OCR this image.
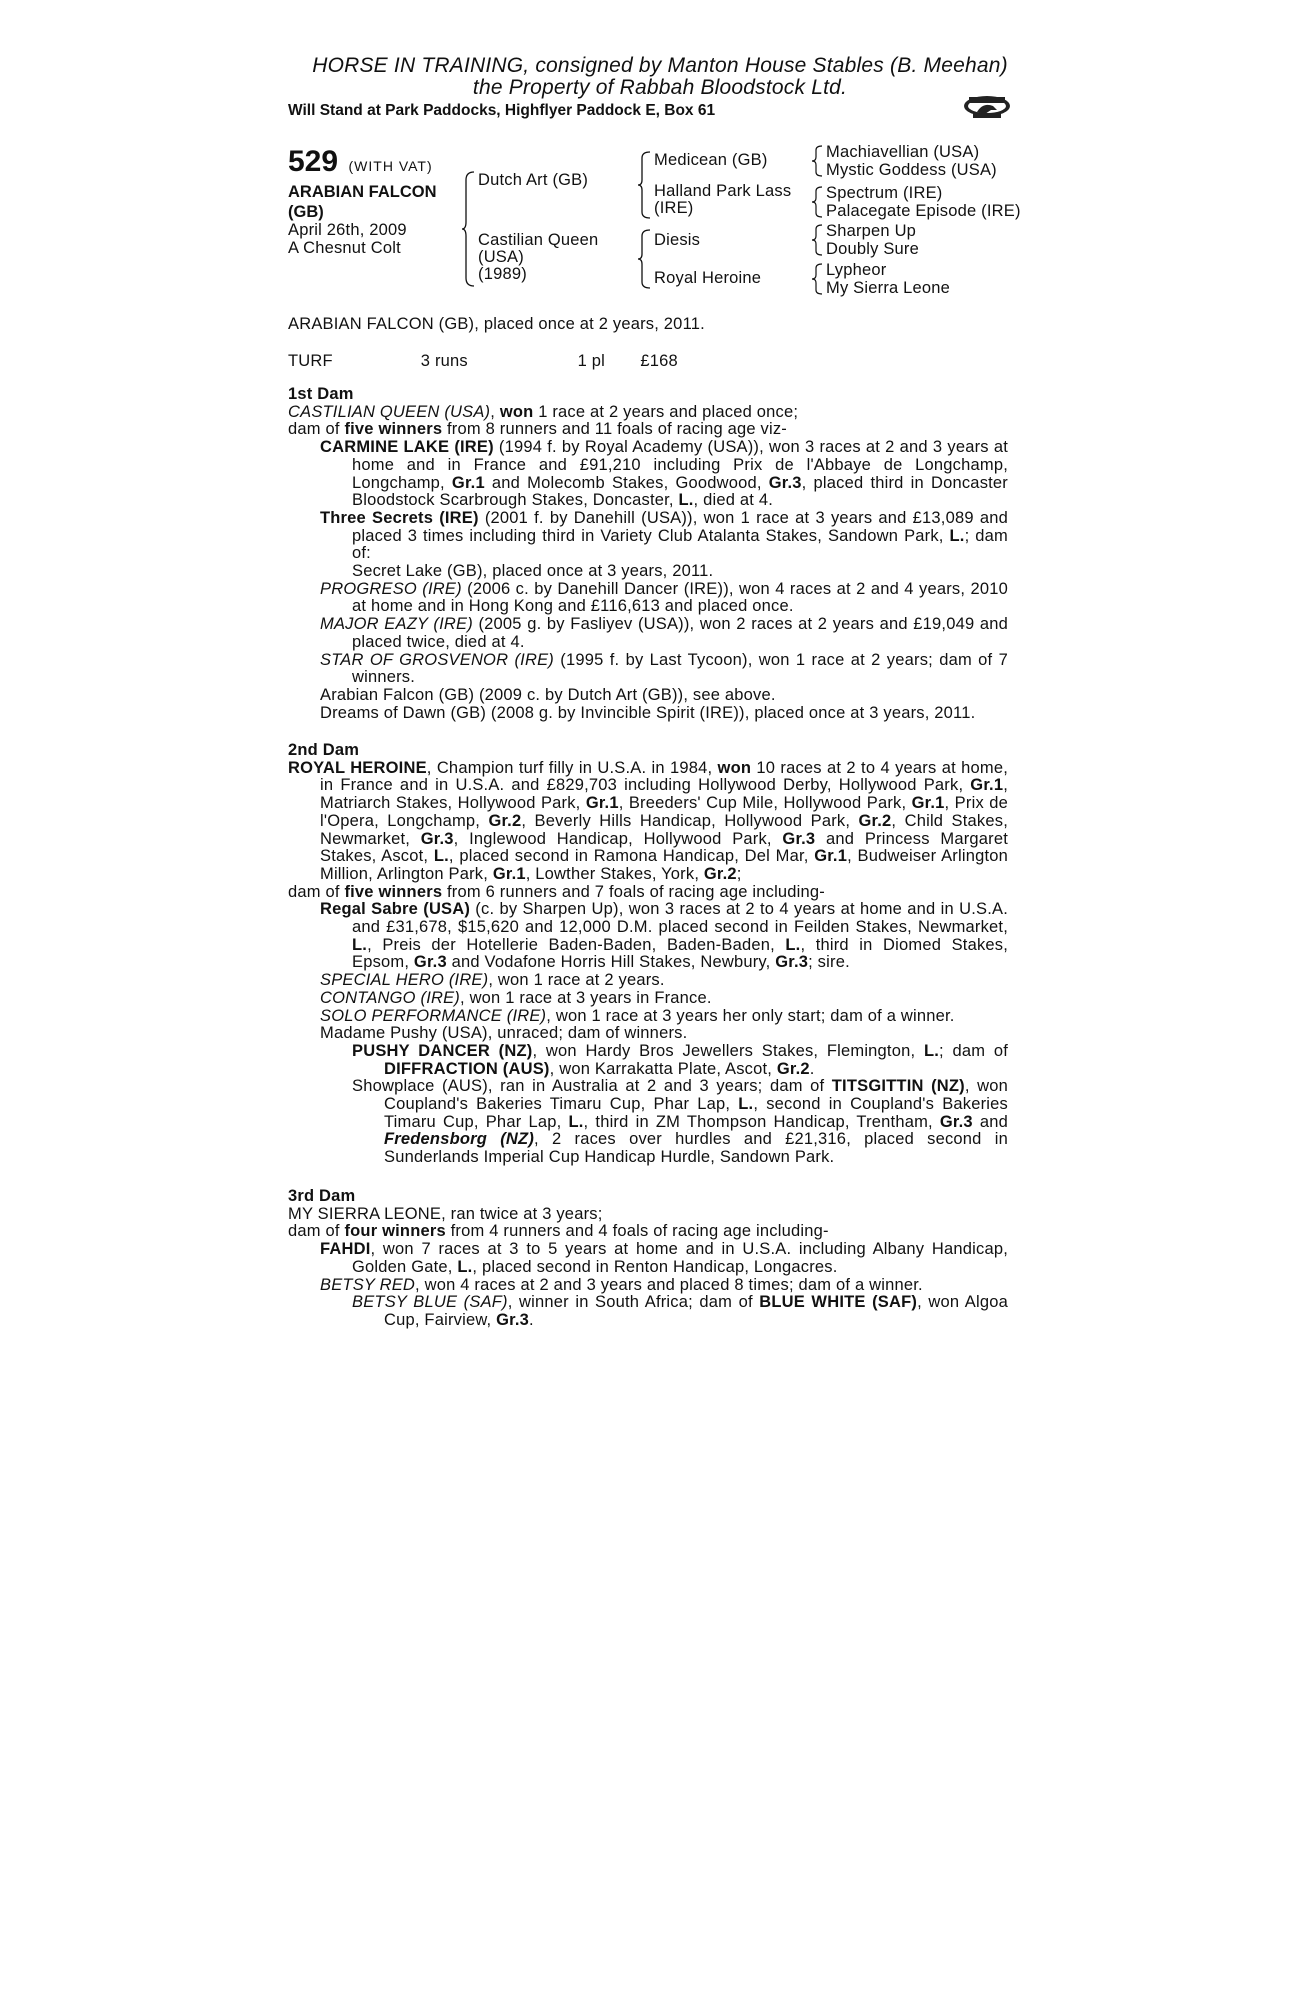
HORSE IN TRAINING, consigned by Manton House Stables (B. Meehan)
the Property of Rabbah Bloodstock Ltd.
Will Stand at Park Paddocks, Highflyer Paddock E, Box 61
529 (WITH VAT)
ARABIAN FALCON
(GB)
April 26th, 2009
A Chesnut Colt
Dutch Art (GB)
Castilian Queen
(USA)
(1989)
Medicean (GB)
Halland Park Lass
(IRE)
Diesis
Royal Heroine
Machiavellian (USA)
Mystic Goddess (USA)
Spectrum (IRE)
Palacegate Episode (IRE)
Sharpen Up
Doubly Sure
Lypheor
My Sierra Leone
ARABIAN FALCON (GB), placed once at 2 years, 2011.
TURF	3 runs	1 pl £168

1st Dam

CASTILIAN QUEEN (USA), won 1 race at 2 years and placed once;

dam of five winners from 8 runners and 11 foals of racing age viz-

CARMINE LAKE (IRE) (1994 f. by Royal Academy (USA)), won 3 races at 2 and 3 years at home and in France and £91,210 including Prix de l'Abbaye de Longchamp, Longchamp, Gr.1 and Molecomb Stakes, Goodwood, Gr.3, placed third in Doncaster Bloodstock Scarbrough Stakes, Doncaster, L., died at 4.

Three Secrets (IRE) (2001 f. by Danehill (USA)), won 1 race at 3 years and £13,089 and placed 3 times including third in Variety Club Atalanta Stakes, Sandown Park, L.; dam of:

Secret Lake (GB), placed once at 3 years, 2011.

PROGRESO (IRE) (2006 c. by Danehill Dancer (IRE)), won 4 races at 2 and 4 years, 2010 at home and in Hong Kong and £116,613 and placed once.

MAJOR EAZY (IRE) (2005 g. by Fasliyev (USA)), won 2 races at 2 years and £19,049 and placed twice, died at 4.

STAR OF GROSVENOR (IRE) (1995 f. by Last Tycoon), won 1 race at 2 years; dam of 7 winners.

Arabian Falcon (GB) (2009 c. by Dutch Art (GB)), see above.

Dreams of Dawn (GB) (2008 g. by Invincible Spirit (IRE)), placed once at 3 years, 2011.

2nd Dam

ROYAL HEROINE, Champion turf filly in U.S.A. in 1984, won 10 races at 2 to 4 years at home, in France and in U.S.A. and £829,703 including Hollywood Derby, Hollywood Park, Gr.1, Matriarch Stakes, Hollywood Park, Gr.1, Breeders' Cup Mile, Hollywood Park, Gr.1, Prix de l'Opera, Longchamp, Gr.2, Beverly Hills Handicap, Hollywood Park, Gr.2, Child Stakes, Newmarket, Gr.3, Inglewood Handicap, Hollywood Park, Gr.3 and Princess Margaret Stakes, Ascot, L., placed second in Ramona Handicap, Del Mar, Gr.1, Budweiser Arlington Million, Arlington Park, Gr.1, Lowther Stakes, York, Gr.2;

dam of five winners from 6 runners and 7 foals of racing age including-

Regal Sabre (USA) (c. by Sharpen Up), won 3 races at 2 to 4 years at home and in U.S.A. and £31,678, $15,620 and 12,000 D.M. placed second in Feilden Stakes, Newmarket, L., Preis der Hotellerie Baden-Baden, Baden-Baden, L., third in Diomed Stakes, Epsom, Gr.3 and Vodafone Horris Hill Stakes, Newbury, Gr.3; sire.

SPECIAL HERO (IRE), won 1 race at 2 years.

CONTANGO (IRE), won 1 race at 3 years in France.

SOLO PERFORMANCE (IRE), won 1 race at 3 years her only start; dam of a winner.

Madame Pushy (USA), unraced; dam of winners.

PUSHY DANCER (NZ), won Hardy Bros Jewellers Stakes, Flemington, L.; dam of DIFFRACTION (AUS), won Karrakatta Plate, Ascot, Gr.2.

Showplace (AUS), ran in Australia at 2 and 3 years; dam of TITSGITTIN (NZ), won Coupland's Bakeries Timaru Cup, Phar Lap, L., second in Coupland's Bakeries Timaru Cup, Phar Lap, L., third in ZM Thompson Handicap, Trentham, Gr.3 and Fredensborg (NZ), 2 races over hurdles and £21,316, placed second in Sunderlands Imperial Cup Handicap Hurdle, Sandown Park.

3rd Dam

MY SIERRA LEONE, ran twice at 3 years;

dam of four winners from 4 runners and 4 foals of racing age including-

FAHDI, won 7 races at 3 to 5 years at home and in U.S.A. including Albany Handicap, Golden Gate, L., placed second in Renton Handicap, Longacres.

BETSY RED, won 4 races at 2 and 3 years and placed 8 times; dam of a winner.

BETSY BLUE (SAF), winner in South Africa; dam of BLUE WHITE (SAF), won Algoa Cup, Fairview, Gr.3.
